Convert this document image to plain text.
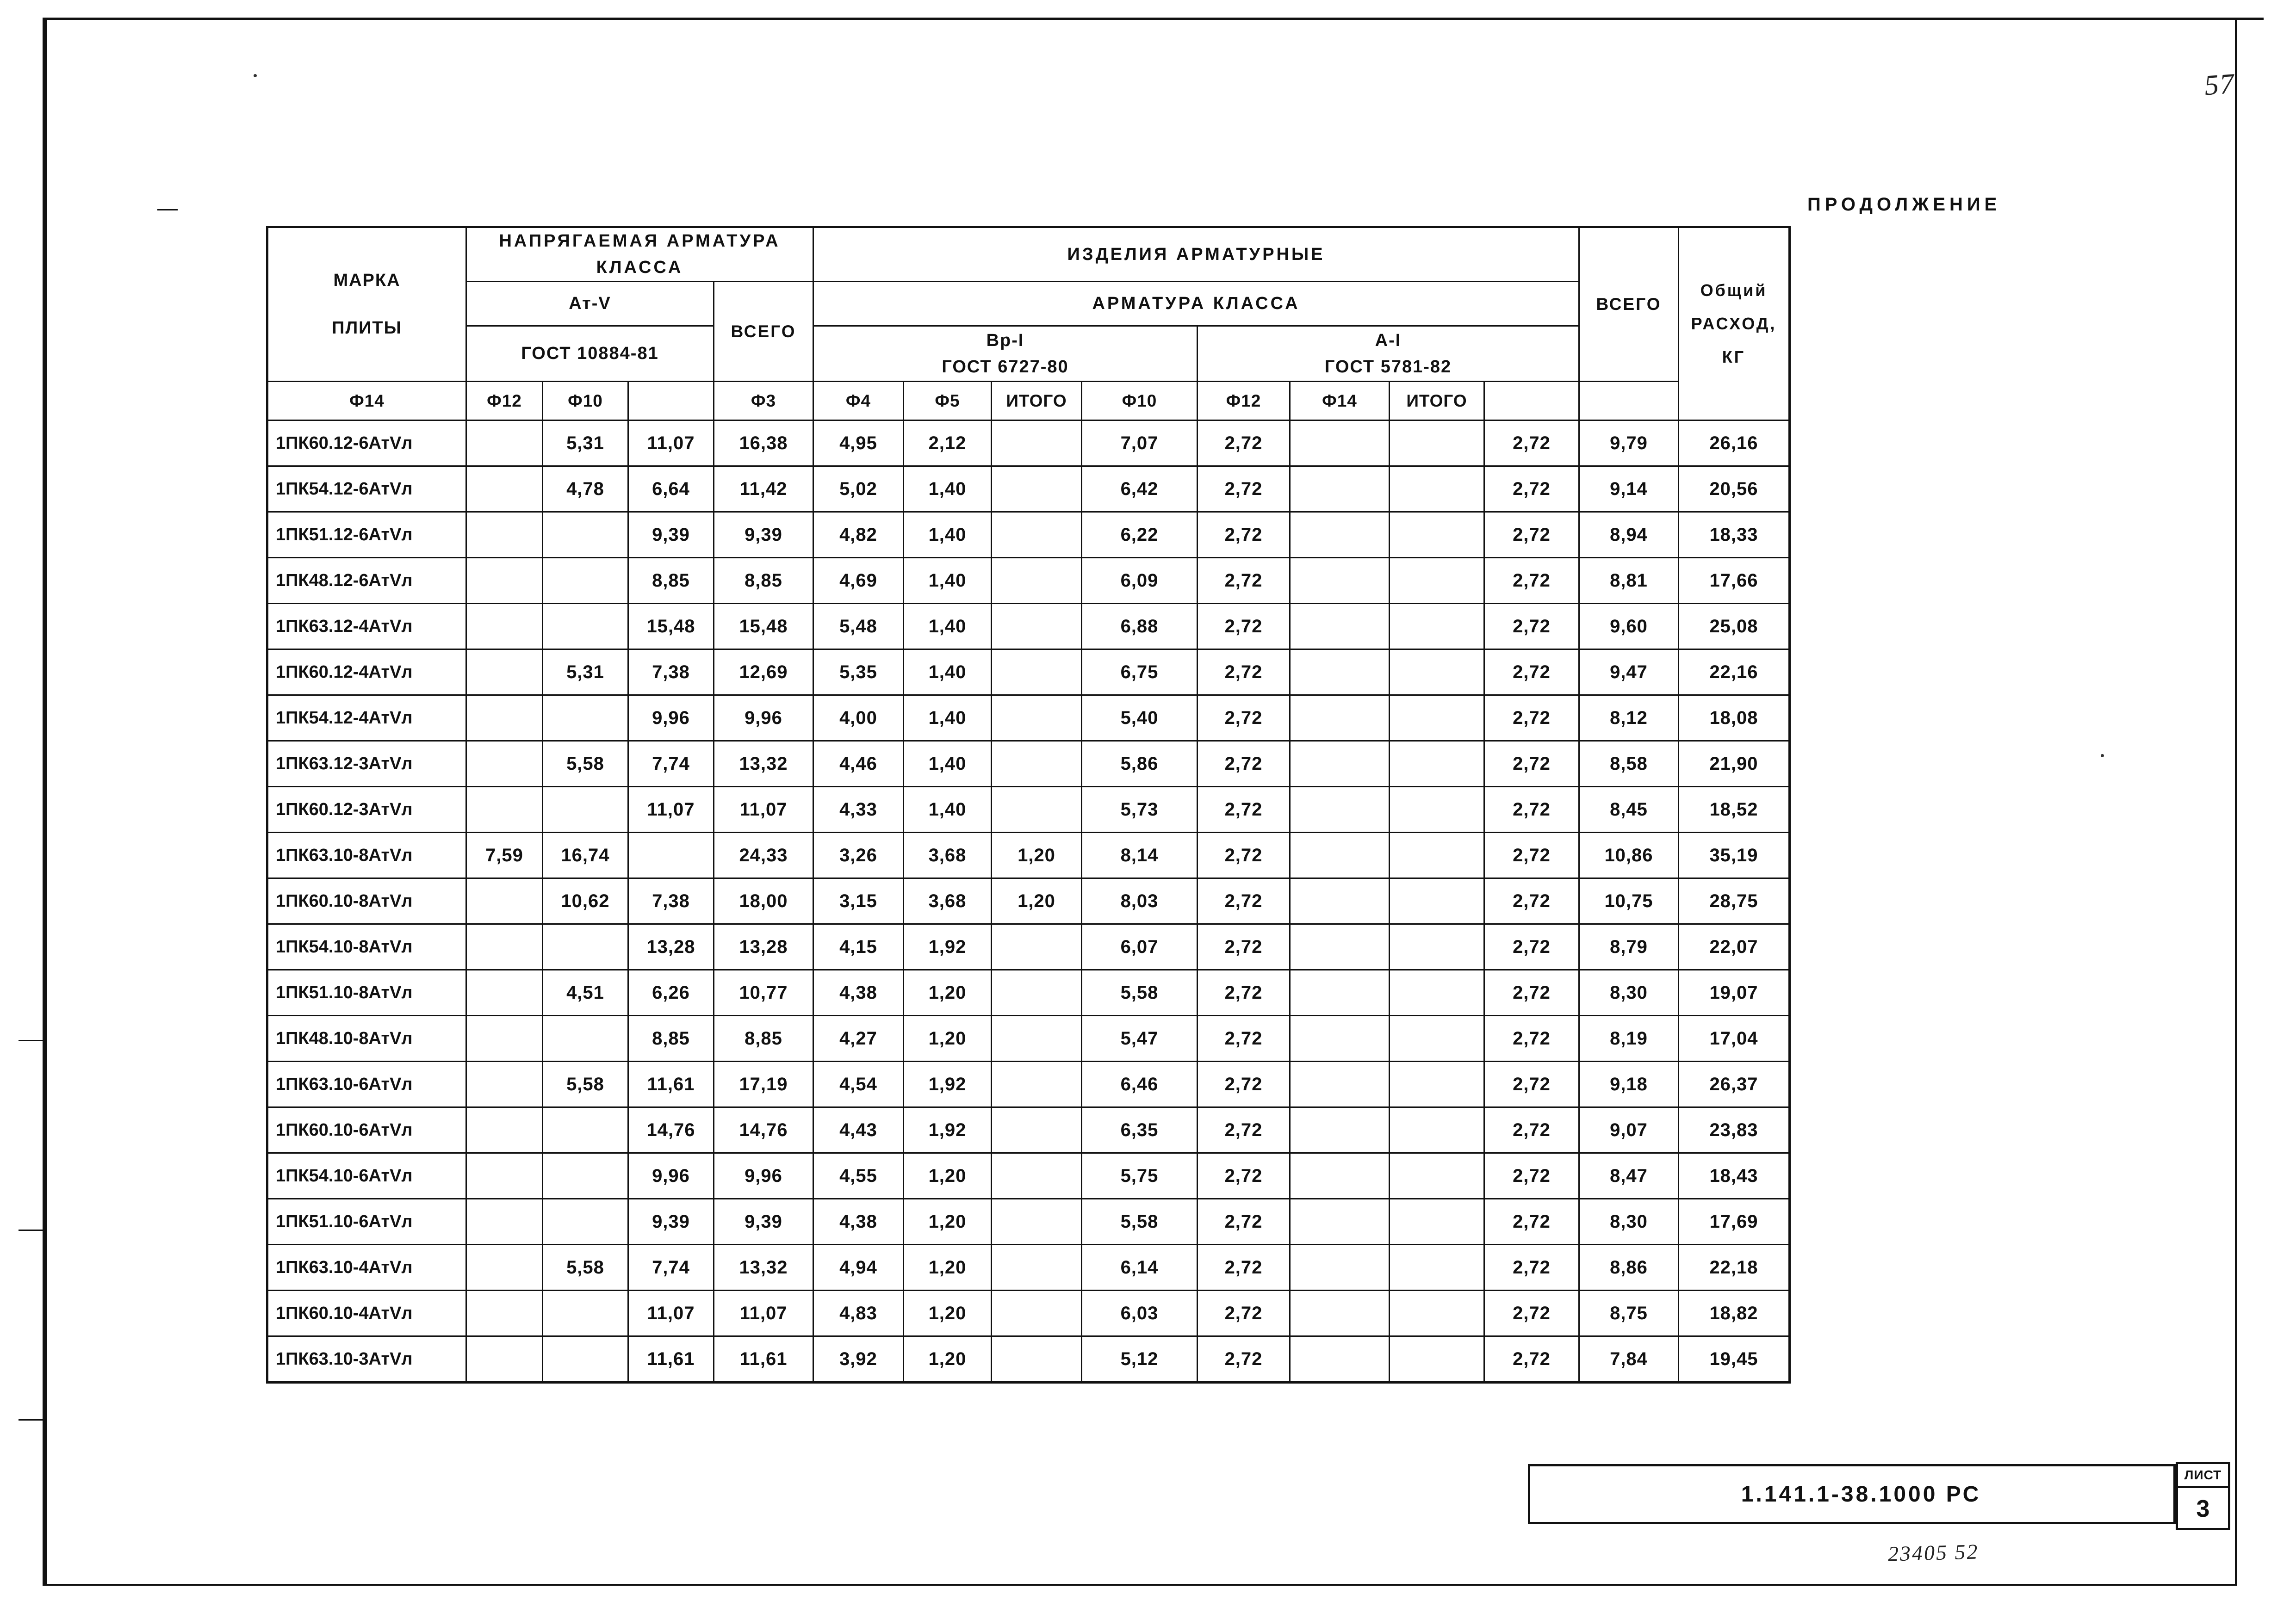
57
ПРОДОЛЖЕНИЕ
МАРКА
ПЛИТЫ

НАПРЯГАЕМАЯ АРМАТУРА
КЛАССА

ИЗДЕЛИЯ АРМАТУРНЫЕ
	ВСЕГО	
Общий
РАСХОД,
КГ

	Ат-V			ВСЕГО	АРМАТУРА КЛАССА									
ГОСТ 10884-81	
Вр-I
ГОСТ 6727-80

А-I
ГОСТ 5781-82

Ф14	Ф12	Ф10		Ф3	Ф4	Ф5	ИТОГО	Ф10	Ф12	Ф14	ИТОГО			
1ПК60.12-6АтVл		5,31	11,07	16,38	4,95	2,12		7,07	2,72			2,72	9,79	26,16
1ПК54.12-6АтVл		4,78	6,64	11,42	5,02	1,40		6,42	2,72			2,72	9,14	20,56
1ПК51.12-6АтVл			9,39	9,39	4,82	1,40		6,22	2,72			2,72	8,94	18,33
1ПК48.12-6АтVл			8,85	8,85	4,69	1,40		6,09	2,72			2,72	8,81	17,66
1ПК63.12-4АтVл			15,48	15,48	5,48	1,40		6,88	2,72			2,72	9,60	25,08
1ПК60.12-4АтVл		5,31	7,38	12,69	5,35	1,40		6,75	2,72			2,72	9,47	22,16
1ПК54.12-4АтVл			9,96	9,96	4,00	1,40		5,40	2,72			2,72	8,12	18,08
1ПК63.12-3АтVл		5,58	7,74	13,32	4,46	1,40		5,86	2,72			2,72	8,58	21,90
1ПК60.12-3АтVл			11,07	11,07	4,33	1,40		5,73	2,72			2,72	8,45	18,52
1ПК63.10-8АтVл	7,59	16,74		24,33	3,26	3,68	1,20	8,14	2,72			2,72	10,86	35,19
1ПК60.10-8АтVл		10,62	7,38	18,00	3,15	3,68	1,20	8,03	2,72			2,72	10,75	28,75
1ПК54.10-8АтVл			13,28	13,28	4,15	1,92		6,07	2,72			2,72	8,79	22,07
1ПК51.10-8АтVл		4,51	6,26	10,77	4,38	1,20		5,58	2,72			2,72	8,30	19,07
1ПК48.10-8АтVл			8,85	8,85	4,27	1,20		5,47	2,72			2,72	8,19	17,04
1ПК63.10-6АтVл		5,58	11,61	17,19	4,54	1,92		6,46	2,72			2,72	9,18	26,37
1ПК60.10-6АтVл			14,76	14,76	4,43	1,92		6,35	2,72			2,72	9,07	23,83
1ПК54.10-6АтVл			9,96	9,96	4,55	1,20		5,75	2,72			2,72	8,47	18,43
1ПК51.10-6АтVл			9,39	9,39	4,38	1,20		5,58	2,72			2,72	8,30	17,69
1ПК63.10-4АтVл		5,58	7,74	13,32	4,94	1,20		6,14	2,72			2,72	8,86	22,18
1ПК60.10-4АтVл			11,07	11,07	4,83	1,20		6,03	2,72			2,72	8,75	18,82
1ПК63.10-3АтVл			11,61	11,61	3,92	1,20		5,12	2,72			2,72	7,84	19,45
1.141.1-38.1000 РС
ЛИСТ
3
23405 52
